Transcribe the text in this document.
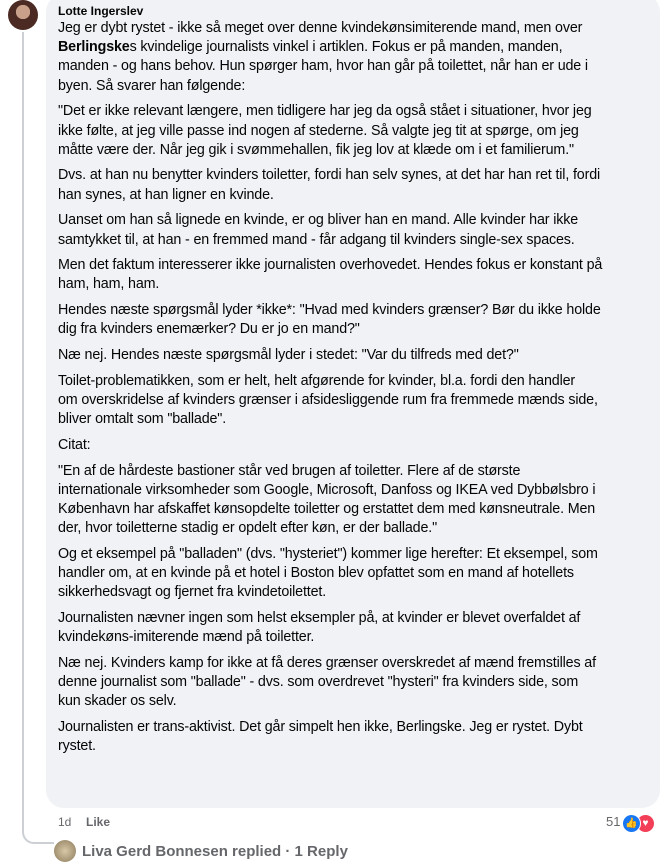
Lotte Ingerslev
Jeg er dybt rystet - ikke så meget over denne kvindekønsimiterende mand, men over
Berlingskes kvindelige journalists vinkel i artiklen. Fokus er på manden, manden,
manden - og hans behov. Hun spørger ham, hvor han går på toilettet, når han er ude i
byen. Så svarer han følgende:
"Det er ikke relevant længere, men tidligere har jeg da også stået i situationer, hvor jeg
ikke følte, at jeg ville passe ind nogen af stederne. Så valgte jeg tit at spørge, om jeg
måtte være der. Når jeg gik i svømmehallen, fik jeg lov at klæde om i et familierum."
Dvs. at han nu benytter kvinders toiletter, fordi han selv synes, at det har han ret til, fordi
han synes, at han ligner en kvinde.
Uanset om han så lignede en kvinde, er og bliver han en mand. Alle kvinder har ikke
samtykket til, at han - en fremmed mand - får adgang til kvinders single-sex spaces.
Men det faktum interesserer ikke journalisten overhovedet. Hendes fokus er konstant på
ham, ham, ham.
Hendes næste spørgsmål lyder *ikke*: "Hvad med kvinders grænser? Bør du ikke holde
dig fra kvinders enemærker? Du er jo en mand?"
Næ nej. Hendes næste spørgsmål lyder i stedet: "Var du tilfreds med det?"
Toilet-problematikken, som er helt, helt afgørende for kvinder, bl.a. fordi den handler
om overskridelse af kvinders grænser i afsidesliggende rum fra fremmede mænds side,
bliver omtalt som "ballade".
Citat:
"En af de hårdeste bastioner står ved brugen af toiletter. Flere af de største
internationale virksomheder som Google, Microsoft, Danfoss og IKEA ved Dybbølsbro i
København har afskaffet kønsopdelte toiletter og erstattet dem med kønsneutrale. Men
der, hvor toiletterne stadig er opdelt efter køn, er der ballade."
Og et eksempel på "balladen" (dvs. "hysteriet") kommer lige herefter: Et eksempel, som
handler om, at en kvinde på et hotel i Boston blev opfattet som en mand af hotellets
sikkerhedsvagt og fjernet fra kvindetoilettet.
Journalisten nævner ingen som helst eksempler på, at kvinder er blevet overfaldet af
kvindekøns-imiterende mænd på toiletter.
Næ nej. Kvinders kamp for ikke at få deres grænser overskredet af mænd fremstilles af
denne journalist som "ballade" - dvs. som overdrevet "hysteri" fra kvinders side, som
kun skader os selv.
Journalisten er trans-aktivist. Det går simpelt hen ikke, Berlingske. Jeg er rystet. Dybt
rystet.
1d Like	51 👍 ♥
Liva Gerd Bonnesen replied · 1 Reply
